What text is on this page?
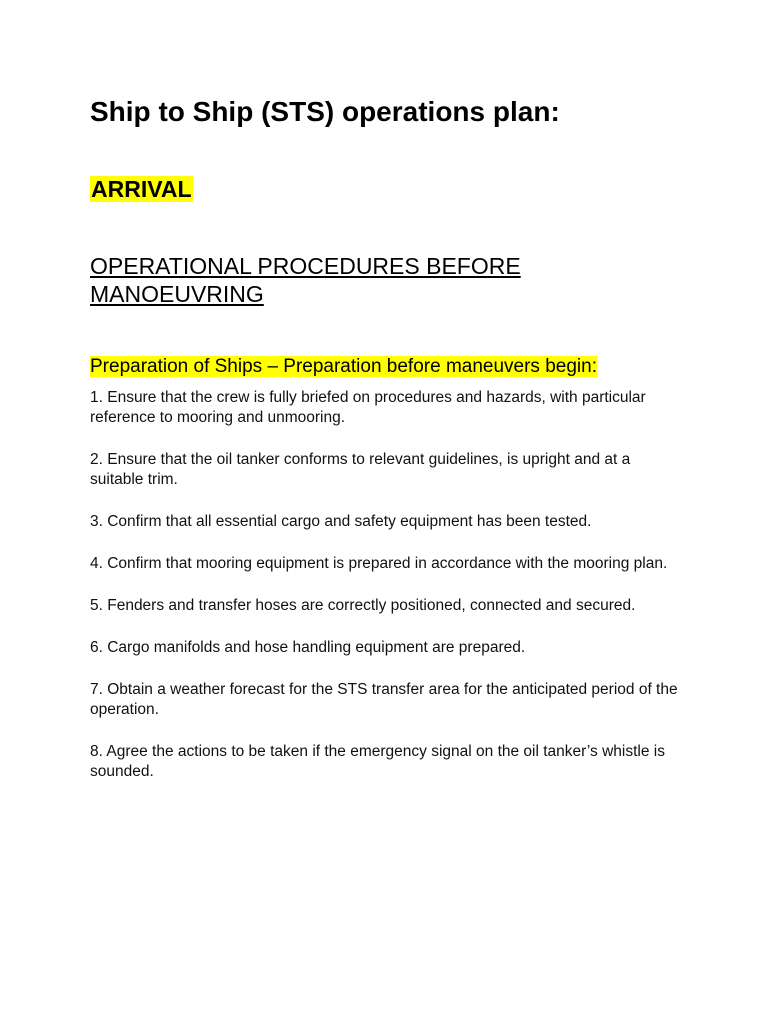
Ship to Ship (STS) operations plan:
ARRIVAL
OPERATIONAL PROCEDURES BEFORE MANOEUVRING
Preparation of Ships – Preparation before maneuvers begin:
1. Ensure that the crew is fully briefed on procedures and hazards, with particular reference to mooring and unmooring.
2. Ensure that the oil tanker conforms to relevant guidelines, is upright and at a suitable trim.
3. Confirm that all essential cargo and safety equipment has been tested.
4. Confirm that mooring equipment is prepared in accordance with the mooring plan.
5. Fenders and transfer hoses are correctly positioned, connected and secured.
6. Cargo manifolds and hose handling equipment are prepared.
7. Obtain a weather forecast for the STS transfer area for the anticipated period of the operation.
8. Agree the actions to be taken if the emergency signal on the oil tanker’s whistle is sounded.
